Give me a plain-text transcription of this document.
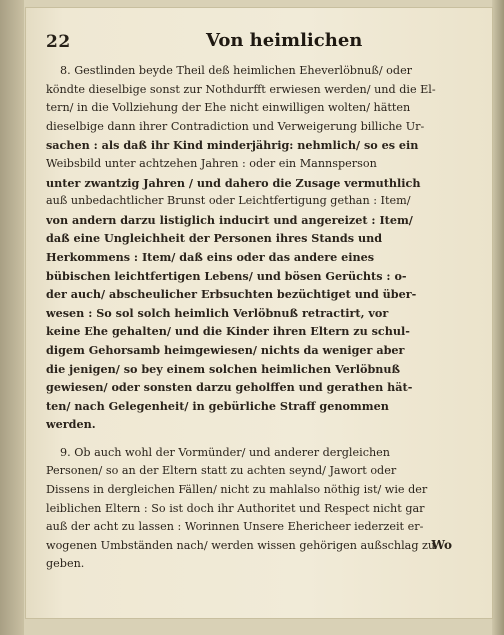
22	Von heimlichen
8. Gestlinden beyde Theil deß heimlichen Eheverlöbnuß/ oder
köndte dieselbige sonst zur Nothdurfft erwiesen werden/ und die El-
tern/ in die Vollziehung der Ehe nicht einwilligen wolten/ hätten
dieselbige dann ihrer Contradiction und Verweigerung billiche Ur-
sachen : als daß ihr Kind minderjährig: nehmlich/ so es ein
Weibsbild unter achtzehen Jahren : oder ein Mannsperson
unter zwantzig Jahren / und dahero die Zusage vermuthlich
auß unbedachtlicher Brunst oder Leichtfertigung gethan : Item/
von andern darzu listiglich inducirt und angereizet : Item/
daß eine Ungleichheit der Personen ihres Stands und
Herkommens : Item/ daß eins oder das andere eines
bübischen leichtfertigen Lebens/ und bösen Gerüchts : o-
der auch/ abscheulicher Erbsuchten bezüchtiget und über-
wesen : So sol solch heimlich Verlöbnuß retractirt, vor
keine Ehe gehalten/ und die Kinder ihren Eltern zu schul-
digem Gehorsamb heimgewiesen/ nichts da weniger aber
die jenigen/ so bey einem solchen heimlichen Verlöbnuß
gewiesen/ oder sonsten darzu geholffen und gerathen hät-
ten/ nach Gelegenheit/ in gebürliche Straff genommen
werden.
9. Ob auch wohl der Vormünder/ und anderer dergleichen
Personen/ so an der Eltern statt zu achten seynd/ Jawort oder
Dissens in dergleichen Fällen/ nicht zu mahlalso nöthig ist/ wie der
leiblichen Eltern : So ist doch ihr Authoritet und Respect nicht gar
auß der acht zu lassen : Worinnen Unsere Ehericheer iederzeit er-
wogenen Umbständen nach/ werden wissen gehörigen außschlag zu
geben.
Wo
